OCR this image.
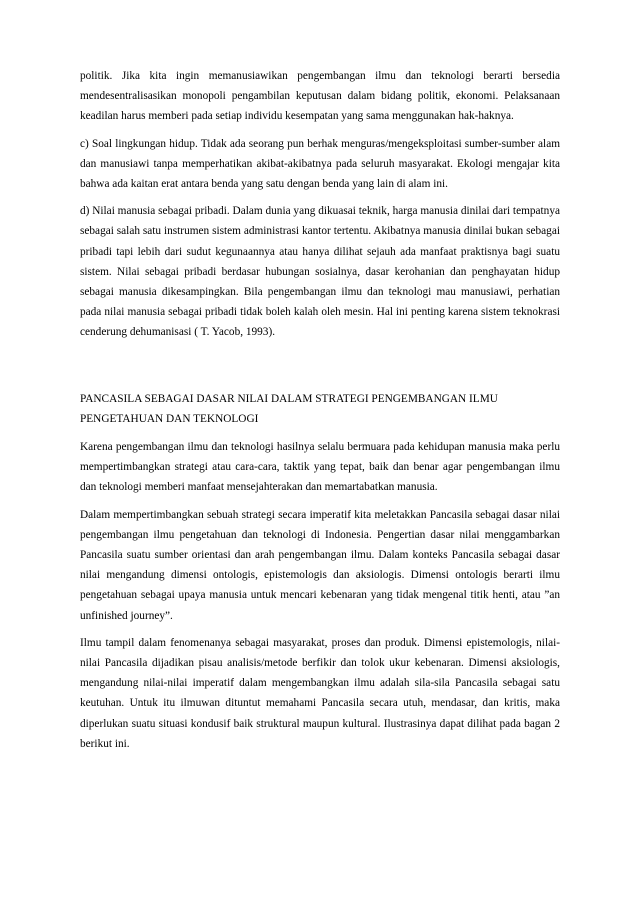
politik. Jika kita ingin memanusiawikan pengembangan ilmu dan teknologi berarti bersedia mendesentralisasikan monopoli pengambilan keputusan dalam bidang politik, ekonomi. Pelaksanaan keadilan harus memberi pada setiap individu kesempatan yang sama menggunakan hak-haknya.

c) Soal lingkungan hidup. Tidak ada seorang pun berhak menguras/mengeksploitasi sumber-sumber alam dan manusiawi tanpa memperhatikan akibat-akibatnya pada seluruh masyarakat. Ekologi mengajar kita bahwa ada kaitan erat antara benda yang satu dengan benda yang lain di alam ini.

d) Nilai manusia sebagai pribadi. Dalam dunia yang dikuasai teknik, harga manusia dinilai dari tempatnya sebagai salah satu instrumen sistem administrasi kantor tertentu. Akibatnya manusia dinilai bukan sebagai pribadi tapi lebih dari sudut kegunaannya atau hanya dilihat sejauh ada manfaat praktisnya bagi suatu sistem. Nilai sebagai pribadi berdasar hubungan sosialnya, dasar kerohanian dan penghayatan hidup sebagai manusia dikesampingkan. Bila pengembangan ilmu dan teknologi mau manusiawi, perhatian pada nilai manusia sebagai pribadi tidak boleh kalah oleh mesin. Hal ini penting karena sistem teknokrasi cenderung dehumanisasi ( T. Yacob, 1993).

PANCASILA SEBAGAI DASAR NILAI DALAM STRATEGI PENGEMBANGAN ILMU PENGETAHUAN DAN TEKNOLOGI

Karena pengembangan ilmu dan teknologi hasilnya selalu bermuara pada kehidupan manusia maka perlu mempertimbangkan strategi atau cara-cara, taktik yang tepat, baik dan benar agar pengembangan ilmu dan teknologi memberi manfaat mensejahterakan dan memartabatkan manusia.

Dalam mempertimbangkan sebuah strategi secara imperatif kita meletakkan Pancasila sebagai dasar nilai pengembangan ilmu pengetahuan dan teknologi di Indonesia. Pengertian dasar nilai menggambarkan Pancasila suatu sumber orientasi dan arah pengembangan ilmu. Dalam konteks Pancasila sebagai dasar nilai mengandung dimensi ontologis, epistemologis dan aksiologis. Dimensi ontologis berarti ilmu pengetahuan sebagai upaya manusia untuk mencari kebenaran yang tidak mengenal titik henti, atau ”an unfinished journey”.

Ilmu tampil dalam fenomenanya sebagai masyarakat, proses dan produk. Dimensi epistemologis, nilai-nilai Pancasila dijadikan pisau analisis/metode berfikir dan tolok ukur kebenaran. Dimensi aksiologis, mengandung nilai-nilai imperatif dalam mengembangkan ilmu adalah sila-sila Pancasila sebagai satu keutuhan. Untuk itu ilmuwan dituntut memahami Pancasila secara utuh, mendasar, dan kritis, maka diperlukan suatu situasi kondusif baik struktural maupun kultural. Ilustrasinya dapat dilihat pada bagan 2 berikut ini.
